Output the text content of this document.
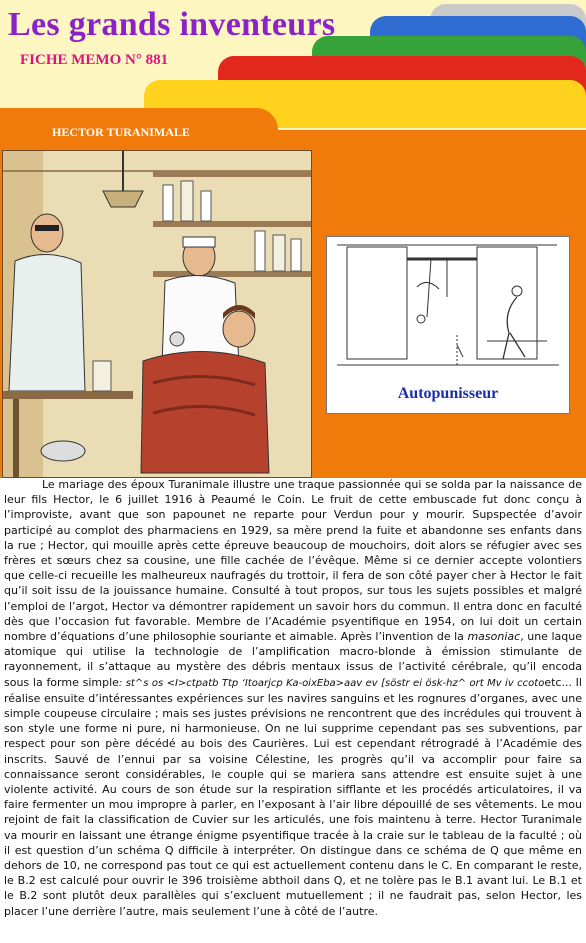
Les grands inventeurs
FICHE MEMO N° 881
HECTOR TURANIMALE
Autopunisseur

Le mariage des époux Turanimale illustre une traque passionnée qui se solda par la naissance de leur fils Hector, le 6 juillet 1916 à Peaumé le Coin. Le fruit de cette embuscade fut donc conçu à l’improviste, avant que son papounet ne reparte pour Verdun pour y mourir. Supspectée d’avoir participé au complot des pharmaciens en 1929, sa mère prend la fuite et abandonne ses enfants dans la rue ; Hector, qui mouille après cette épreuve beaucoup de mouchoirs, doit alors se réfugier avec ses frères et sœurs chez sa cousine, une fille cachée de l’évêque. Même si ce dernier accepte volontiers que celle-ci recueille les malheureux naufragés du trottoir, il fera de son côté payer cher à Hector le fait qu’il soit issu de la jouissance humaine. Consulté à tout propos, sur tous les sujets possibles et malgré l’emploi de l’argot, Hector va démontrer rapidement un savoir hors du commun. Il entra donc en faculté dès que l’occasion fut favorable. Membre de l’Académie psyentifique en 1954, on lui doit un certain nombre d’équations d’une philosophie souriante et aimable. Après l’invention de la masoniac, une laque atomique qui utilise la technologie de l’amplification macro-blonde à émission stimulante de rayonnement, il s’attaque au mystère des débris mentaux issus de l’activité cérébrale, qu’il encoda sous la forme simple: st^s os <I>ctpatb Ttp ‘Itoarjcp Ka-oixEba>aav ev [söstr ei ösk-hz^ ort Mv iv ccotoetc... Il réalise ensuite d’intéressantes expériences sur les navires sanguins et les rognures d’organes, avec une simple coupeuse circulaire ; mais ses justes prévisions ne rencontrent que des incrédules qui trouvent à son style une forme ni pure, ni harmonieuse. On ne lui supprime cependant pas ses subventions, par respect pour son père décédé au bois des Caurières. Lui est cependant rétrogradé à l’Académie des inscrits. Sauvé de l’ennui par sa voisine Célestine, les progrès qu’il va accomplir pour faire sa connaissance seront considérables, le couple qui se mariera sans attendre est ensuite sujet à une violente activité. Au cours de son étude sur la respiration sifflante et les procédés articulatoires, il va faire fermenter un mou impropre à parler, en l’exposant à l’air libre dépouillé de ses vêtements. Le mou rejoint de fait la classification de Cuvier sur les articulés, une fois maintenu à terre. Hector Turanimale va mourir en laissant une étrange énigme psyentifique tracée à la craie sur le tableau de la faculté ; où il est question d’un schéma Q difficile à interpréter. On distingue dans ce schéma de Q que même en dehors de 10, ne correspond pas tout ce qui est actuellement contenu dans le C. En comparant le reste, le B.2 est calculé pour ouvrir le 396 troisième abthoil dans Q, et ne tolère pas le B.1 avant lui. Le B.1 et le B.2 sont plutôt deux parallèles qui s’excluent mutuellement ; il ne faudrait pas, selon Hector, les placer l’une derrière l’autre, mais seulement l’une à côté de l’autre.
